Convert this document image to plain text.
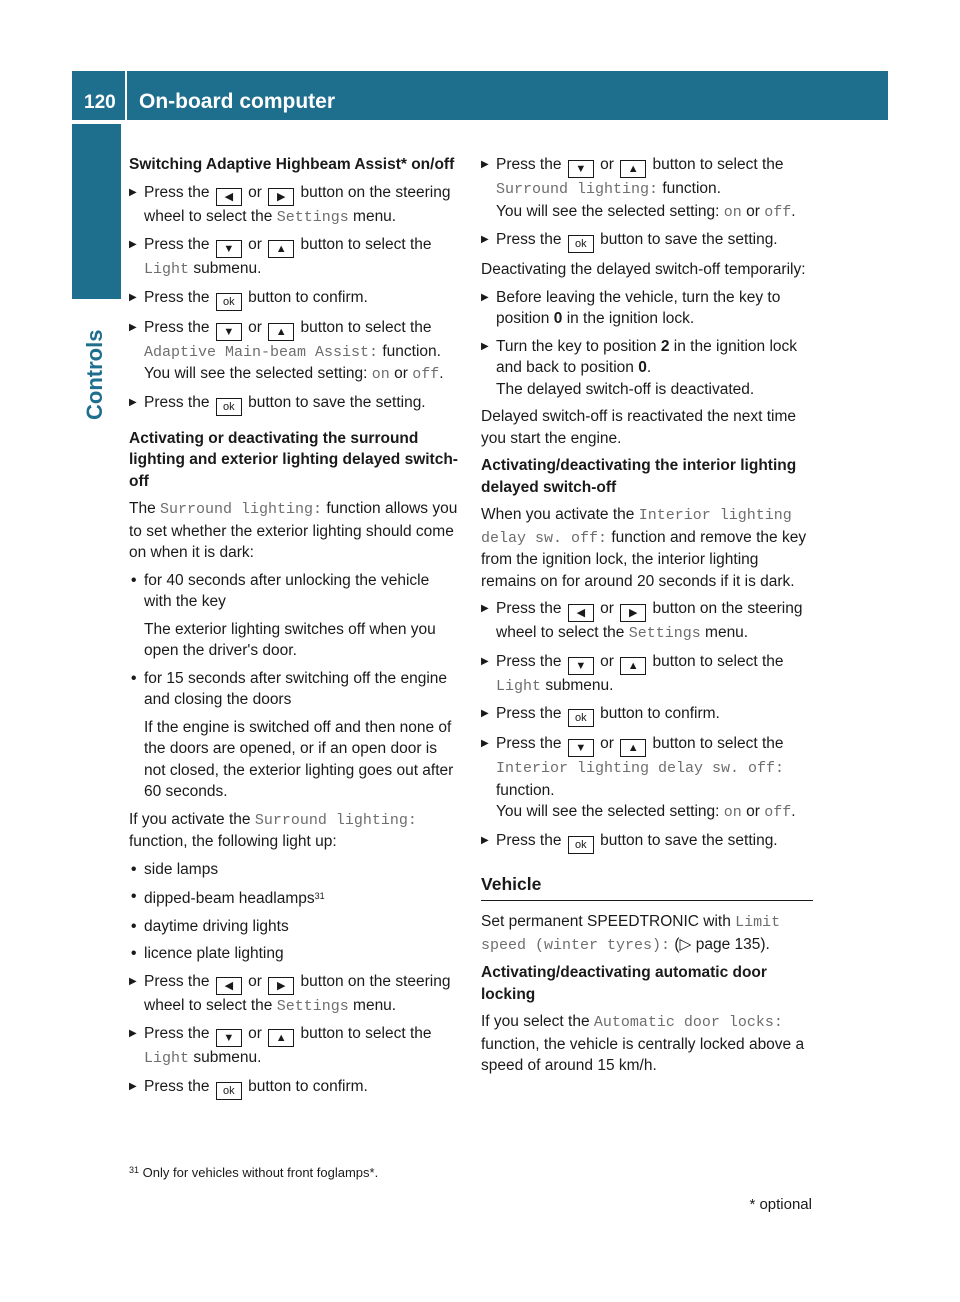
120 On-board computer
Controls
Switching Adaptive Highbeam Assist* on/off
▶ Press the ◀ or ▶ button on the steering wheel to select the Settings menu.
▶ Press the ▼ or ▲ button to select the Light submenu.
▶ Press the ok button to confirm.
▶ Press the ▼ or ▲ button to select the Adaptive Main-beam Assist: function.
You will see the selected setting: on or off.
▶ Press the ok button to save the setting.
Activating or deactivating the surround lighting and exterior lighting delayed switch-off
The Surround lighting: function allows you to set whether the exterior lighting should come on when it is dark:
• for 40 seconds after unlocking the vehicle with the key
The exterior lighting switches off when you open the driver's door.
• for 15 seconds after switching off the engine and closing the doors
If the engine is switched off and then none of the doors are opened, or if an open door is not closed, the exterior lighting goes out after 60 seconds.
If you activate the Surround lighting: function, the following light up:
• side lamps
• dipped-beam headlamps$^{31}$
• daytime driving lights
• licence plate lighting
▶ Press the ◀ or ▶ button on the steering wheel to select the Settings menu.
▶ Press the ▼ or ▲ button to select the Light submenu.
▶ Press the ok button to confirm.
▶ Press the ▼ or ▲ button to select the Surround lighting: function.
You will see the selected setting: on or off.
▶ Press the ok button to save the setting.
Deactivating the delayed switch-off temporarily:
▶ Before leaving the vehicle, turn the key to position 0 in the ignition lock.
▶ Turn the key to position 2 in the ignition lock and back to position 0.
The delayed switch-off is deactivated.
Delayed switch-off is reactivated the next time you start the engine.
Activating/deactivating the interior lighting delayed switch-off
When you activate the Interior lighting delay sw. off: function and remove the key from the ignition lock, the interior lighting remains on for around 20 seconds if it is dark.
▶ Press the ◀ or ▶ button on the steering wheel to select the Settings menu.
▶ Press the ▼ or ▲ button to select the Light submenu.
▶ Press the ok button to confirm.
▶ Press the ▼ or ▲ button to select the Interior lighting delay sw. off:
function.
You will see the selected setting: on or off.
▶ Press the ok button to save the setting.
Vehicle
Set permanent SPEEDTRONIC with Limit speed (winter tyres): (▷ page 135).
Activating/deactivating automatic door locking
If you select the Automatic door locks: function, the vehicle is centrally locked above a speed of around 15 km/h.
$^{31}$ Only for vehicles without front foglamps*.
* optional
